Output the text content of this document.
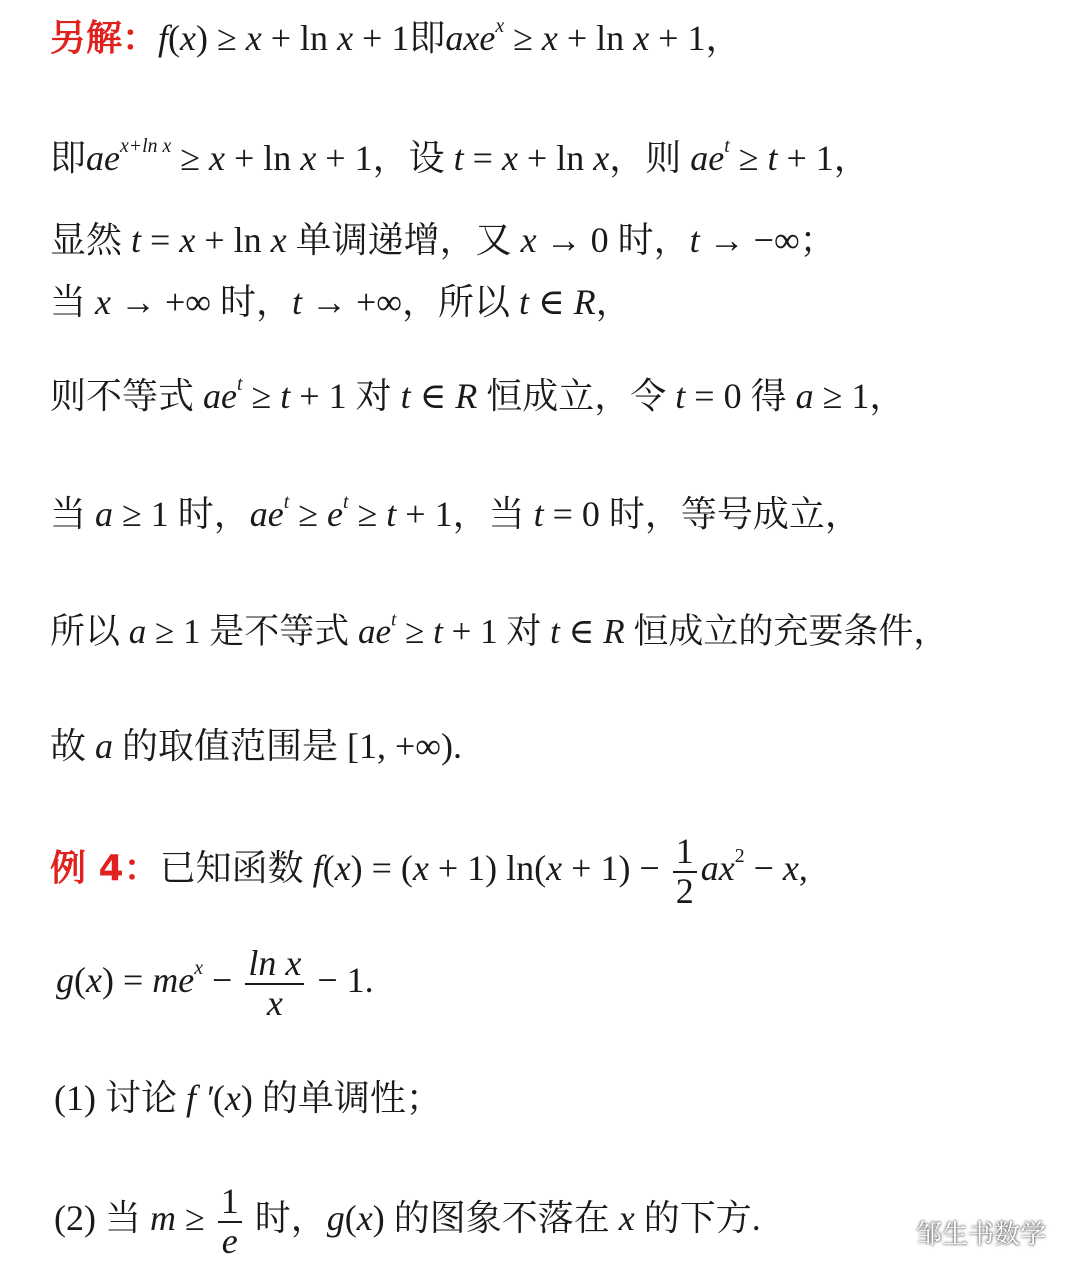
另解：f(x) ≥ x + ln x + 1即axe$^x$ ≥ x + ln x + 1，
即$ae^{x+ln x} \ge x + \ln x + 1$，设 t = x + ln x，则 $ae^t \ge t + 1$，
显然 t = x + ln x 单调递增，又 x → 0 时，t → −∞；
当 x → +∞ 时，t → +∞，所以 t ∈ R，
则不等式 $ae^t \ge t + 1$ 对 t ∈ R 恒成立，令 t = 0 得 a ≥ 1，
当 a ≥ 1 时，$ae^t \ge e^t \ge t + 1$，当 t = 0 时，等号成立，
所以 a ≥ 1 是不等式 $ae^t \ge t + 1$ 对 t ∈ R 恒成立的充要条件，
故 a 的取值范围是 [1, +∞).
例 4：已知函数 f(x) = (x + 1) $\ln(x + 1) - \frac{1}{2} ax^2 - x$,
$g(x) = me^x - \frac{\text{ln x}}{x} - 1$.
(1) 讨论 f ′(x) 的单调性；
(2) 当 $m \ge \frac{1}{e}$ 时，g(x) 的图象不落在 x 的下方.	邹生书数学
